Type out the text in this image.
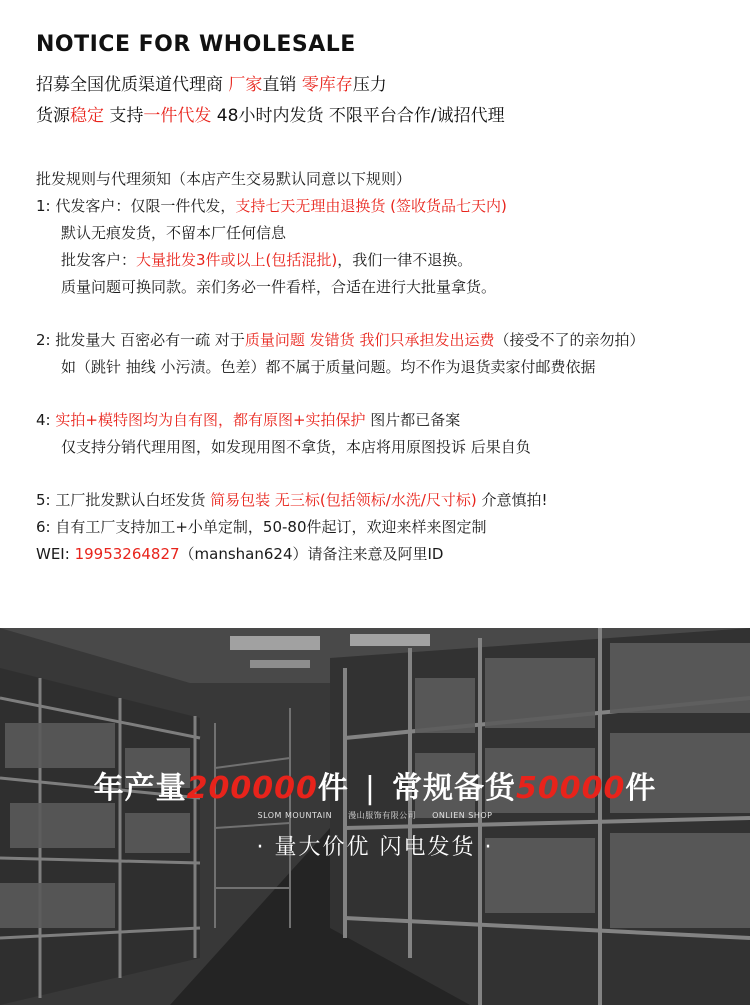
NOTICE FOR WHOLESALE
招募全国优质渠道代理商 厂家直销 零库存压力
货源稳定 支持一件代发 48小时内发货 不限平台合作/诚招代理
批发规则与代理须知（本店产生交易默认同意以下规则）
1: 代发客户：仅限一件代发，支持七天无理由退换货 (签收货品七天内)
默认无痕发货，不留本厂任何信息
批发客户：大量批发3件或以上(包括混批)，我们一律不退换。
质量问题可换同款。亲们务必一件看样，合适在进行大批量拿货。
2: 批发量大 百密必有一疏 对于质量问题 发错货 我们只承担发出运费（接受不了的亲勿拍）
如（跳针 抽线 小污渍。色差）都不属于质量问题。均不作为退货卖家付邮费依据
4: 实拍+模特图均为自有图，都有原图+实拍保护 图片都已备案
仅支持分销代理用图，如发现用图不拿货，本店将用原图投诉 后果自负
5: 工厂批发默认白坯发货 简易包装 无三标(包括领标/水洗/尺寸标) 介意慎拍!
6: 自有工厂支持加工+小单定制，50-80件起订，欢迎来样来图定制
WEI: 19953264827（manshan624）请备注来意及阿里ID
年产量200000件 | 常规备货50000件
SLOM MOUNTAIN 漫山服饰有限公司 ONLIEN SHOP
· 量大价优 闪电发货 ·
